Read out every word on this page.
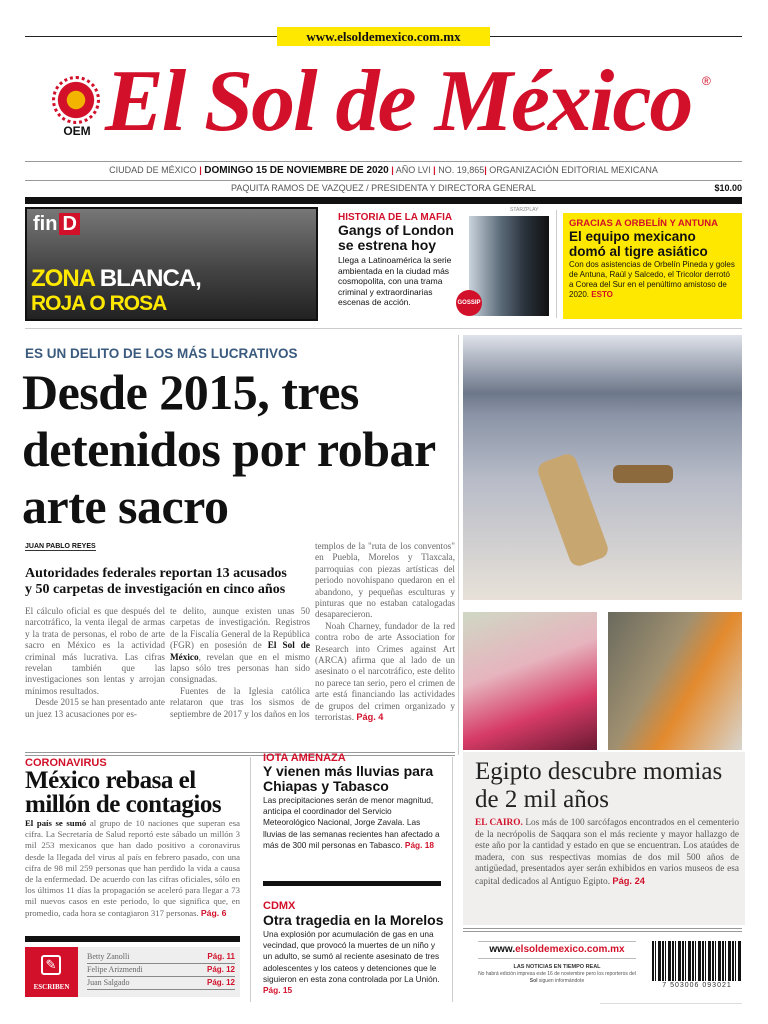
www.elsoldemexico.com.mx
OEM El Sol de México ®
CIUDAD DE MÉXICO | DOMINGO 15 DE NOVIEMBRE DE 2020 | AÑO LVI | NO. 19,865| ORGANIZACIÓN EDITORIAL MEXICANA
PAQUITA RAMOS DE VAZQUEZ / PRESIDENTA Y DIRECTORA GENERAL	$10.00
fin D
ZONA BLANCA,
ROJA O ROSA
HISTORIA DE LA MAFIA
Gangs of London se estrena hoy
Llega a Latinoamérica la serie ambientada en la ciudad más cosmopolita, con una trama criminal y extraordinarias escenas de acción.
STARZPLAY
GOSSIP
GRACIAS A ORBELÍN Y ANTUNA
El equipo mexicano domó al tigre asiático
Con dos asistencias de Orbelín Pineda y goles de Antuna, Raúl y Salcedo, el Tricolor derrotó a Corea del Sur en el penúltimo amistoso de 2020. ESTO
ES UN DELITO DE LOS MÁS LUCRATIVOS
Desde 2015, tres detenidos por robar arte sacro
JUAN PABLO REYES
Autoridades federales reportan 13 acusados y 50 carpetas de investigación en cinco años

El cálculo oficial es que después del narcotráfico, la venta ilegal de armas y la trata de personas, el robo de arte sacro en México es la actividad criminal más lucrativa. Las cifras revelan también que las investigaciones son lentas y arrojan mínimos resultados.

Desde 2015 se han presentado ante un juez 13 acusaciones por es-

te delito, aunque existen unas 50 carpetas de investigación. Registros de la Fiscalía General de la República (FGR) en posesión de El Sol de México, revelan que en el mismo lapso sólo tres personas han sido consignadas.

Fuentes de la Iglesia católica relataron que tras los sismos de septiembre de 2017 y los daños en los

templos de la "ruta de los conventos" en Puebla, Morelos y Tlaxcala, parroquias con piezas artísticas del periodo novohispano quedaron en el abandono, y pequeñas esculturas y pinturas que no estaban catalogadas desaparecieron.

Noah Charney, fundador de la red contra robo de arte Association for Research into Crimes against Art (ARCA) afirma que al lado de un asesinato o el narcotráfico, este delito no parece tan serio, pero el crimen de arte está financiando las actividades de grupos del crimen organizado y terroristas. Pág. 4

CORONAVIRUS
México rebasa el millón de contagios
El país se sumó al grupo de 10 naciones que superan esa cifra. La Secretaría de Salud reportó este sábado un millón 3 mil 253 mexicanos que han dado positivo a coronavirus desde la llegada del virus al país en febrero pasado, con una cifra de 98 mil 259 personas que han perdido la vida a causa de la enfermedad. De acuerdo con las cifras oficiales, sólo en los últimos 11 días la propagación se aceleró para llegar a 73 mil nuevos casos en este periodo, lo que significa que, en promedio, cada hora se contagiaron 317 personas. Pág. 6
✎
ESCRIBEN
Betty Zanolli	Pág. 11
Felipe Arizmendi	Pág. 12
Juan Salgado	Pág. 12
IOTA AMENAZA
Y vienen más lluvias para Chiapas y Tabasco
Las precipitaciones serán de menor magnitud, anticipa el coordinador del Servicio Meteorológico Nacional, Jorge Zavala. Las lluvias de las semanas recientes han afectado a más de 300 mil personas en Tabasco. Pág. 18
CDMX
Otra tragedia en la Morelos
Una explosión por acumulación de gas en una vecindad, que provocó la muertes de un niño y un adulto, se sumó al reciente asesinato de tres adolescentes y los cateos y detenciones que le siguieron en esta zona controlada por La Unión. Pág. 15
Egipto descubre momias de 2 mil años
EL CAIRO. Los más de 100 sarcófagos encontrados en el cementerio de la necrópolis de Saqqara son el más reciente y mayor hallazgo de este año por la cantidad y estado en que se encuentran. Los ataúdes de madera, con sus respectivas momias de dos mil 500 años de antigüedad, presentados ayer serán exhibidos en varios museos de esa capital dedicados al Antiguo Egipto. Pág. 24
www.elsoldemexico.com.mx
LAS NOTICIAS EN TIEMPO REAL
No habrá edición impresa este 16 de noviembre pero los reporteros del Sol siguen informándote
7 503006 093021
